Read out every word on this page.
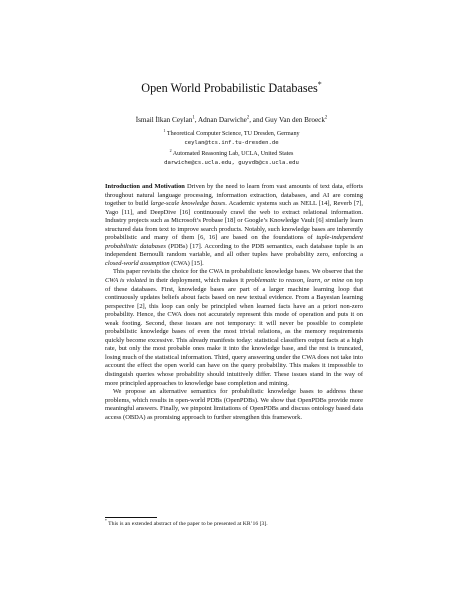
Open World Probabilistic Databases*
İsmail İlkan Ceylan$^1$, Adnan Darwiche$^2$, and Guy Van den Broeck$^2$
$^1$ Theoretical Computer Science, TU Dresden, Germany
ceylan@tcs.inf.tu-dresden.de
$^2$ Automated Reasoning Lab, UCLA, United States
darwiche@cs.ucla.edu, guyvdb@cs.ucla.edu

Introduction and Motivation Driven by the need to learn from vast amounts of text data, efforts throughout natural language processing, information extraction, databases, and AI are coming together to build large-scale knowledge bases. Academic systems such as NELL [14], Reverb [7], Yago [11], and DeepDive [16] continuously crawl the web to extract relational information. Industry projects such as Microsoft’s Probase [18] or Google’s Knowledge Vault [6] similarly learn structured data from text to improve search products. Notably, such knowledge bases are inherently probabilistic and many of them [6, 16] are based on the foundations of tuple-independent probabilistic databases (PDBs) [17]. According to the PDB semantics, each database tuple is an independent Bernoulli random variable, and all other tuples have probability zero, enforcing a closed-world assumption (CWA) [15].

This paper revisits the choice for the CWA in probabilistic knowledge bases. We observe that the CWA is violated in their deployment, which makes it problematic to reason, learn, or mine on top of these databases. First, knowledge bases are part of a larger machine learning loop that continuously updates beliefs about facts based on new textual evidence. From a Bayesian learning perspective [2], this loop can only be principled when learned facts have an a priori non-zero probability. Hence, the CWA does not accurately represent this mode of operation and puts it on weak footing. Second, these issues are not temporary: it will never be possible to complete probabilistic knowledge bases of even the most trivial relations, as the memory requirements quickly become excessive. This already manifests today: statistical classifiers output facts at a high rate, but only the most probable ones make it into the knowledge base, and the rest is truncated, losing much of the statistical information. Third, query answering under the CWA does not take into account the effect the open world can have on the query probability. This makes it impossible to distinguish queries whose probability should intuitively differ. These issues stand in the way of more principled approaches to knowledge base completion and mining.

We propose an alternative semantics for probabilistic knowledge bases to address these problems, which results in open-world PDBs (OpenPDBs). We show that OpenPDBs provide more meaningful answers. Finally, we pinpoint limitations of OpenPDBs and discuss ontology based data access (OBDA) as promising approach to further strengthen this framework.

* This is an extended abstract of the paper to be presented at KR’16 [3].
